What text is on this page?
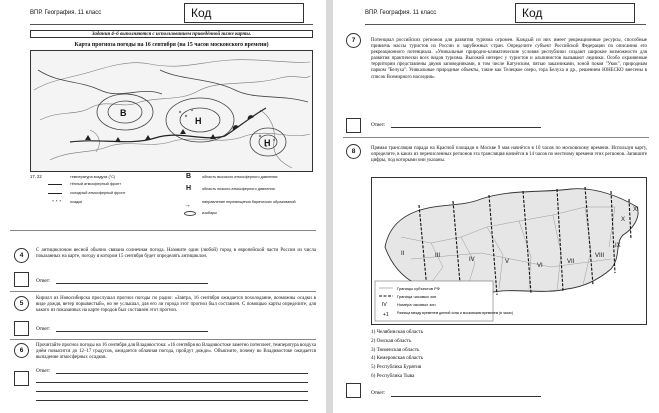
ВПР. География. 11 класс	Код
Задания 4–6 выполняются с использованием приведённой ниже карты.
Карта прогноза погоды на 16 сентября (на 15 часов московского времени)
В
Н
Н
17, 22
• • •
температура воздуха (°C)
тёплый атмосферный фронт
холодный атмосферный фронт
осадки
В
Н
→
область высокого атмосферного давления
область низкого атмосферного давления
направление перемещения барических образований
изобары
4
С антициклоном весной обычно связана солнечная погода. Назовите один (любой) город в европейской части России из числа показанных на карте, погоду в котором 15 сентября будет определять антициклон.
Ответ:
5
Кирилл из Новосибирска прослушал прогноз погоды по радио: «Завтра, 16 сентября ожидается похолодание, возможны осадки в виде дождя, ветер порывистый», но не услышал, для его ли города этот прогноз был составлен. С помощью карты определите, для какого из показанных на карте городов был составлен этот прогноз.
Ответ:
6
Прочитайте прогноз погоды на 16 сентября для Владивостока: «16 сентября во Владивостоке заметно потеплеет, температура воздуха днём повысится до 12–17 градусов, ожидается облачная погода, пройдут дожди». Объясните, почему во Владивостоке ожидается выпадение атмосферных осадков.
Ответ:
ВПР. География. 11 класс	Код
7	Потенциал российских регионов для развития туризма огромен. Каждый из них имеет рекреационные ресурсы, способные привлечь массы туристов из России и зарубежных стран. Определите субъект Российской Федерации по описанию его рекреационного потенциала. «Уникальные природно-климатические условия республики создают широкие возможности для развития практически всех видов туризма. Высокий интерес у туристов и альпинистов вызывают ледники. Особо охраняемые территории представлены двумя заповедниками, в том числе Катунским, пятью заказниками, зоной покоя "Укок", природным парком "Белуха". Уникальные природные объекты, такие как Телецкое озеро, гора Белуха и др., решением ЮНЕСКО внесены в список Всемирного наследия».
Ответ:
8	Прямая трансляция парада на Красной площади в Москве 9 мая начнётся в 10 часов по московскому времени. Используя карту, определите, в каких из перечисленных регионов эта трансляция начнётся в 14 часов по местному времени этих регионов. Запишите цифры, под которыми они указаны.
II	III
IV	V
VI
VII
VIII
IX
X
XI
IV
+1
Границы субъектов РФ
Граница часовых зон
Номера часовых зон
Разница между временем данной зоны и московским временем (в часах)
1) Челябинская область
2) Омская область
3) Тюменская область
4) Кемеровская область
5) Республика Бурятия
6) Республика Тыва
Ответ:
